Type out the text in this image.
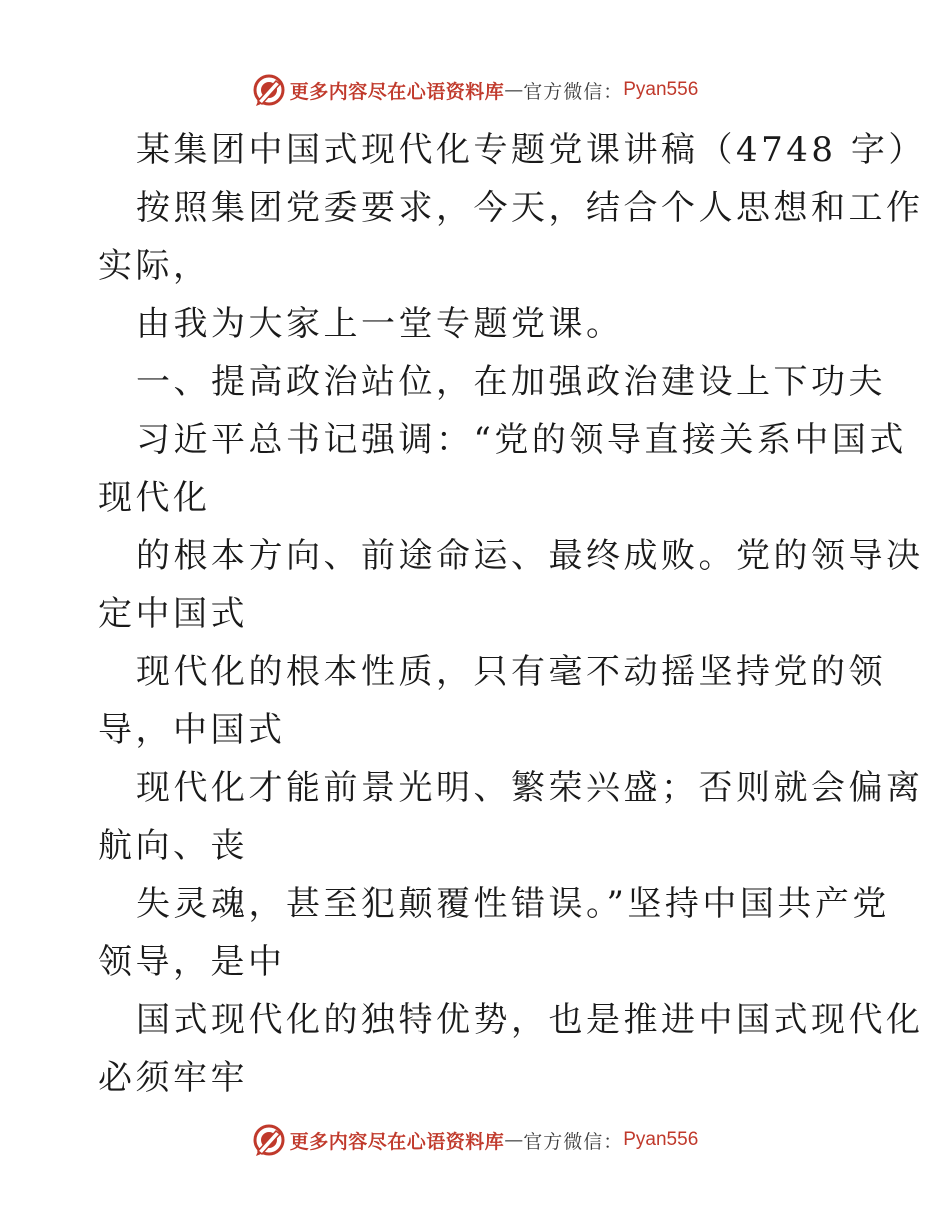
更多内容尽在心语资料库 — 官方微信： Pyan556
某集团中国式现代化专题党课讲稿（4748 字）
按照集团党委要求，今天，结合个人思想和工作
实际，
由我为大家上一堂专题党课。
一、提高政治站位，在加强政治建设上下功夫
习近平总书记强调：“党的领导直接关系中国式
现代化
的根本方向、前途命运、最终成败。党的领导决
定中国式
现代化的根本性质，只有毫不动摇坚持党的领
导，中国式
现代化才能前景光明、繁荣兴盛；否则就会偏离
航向、丧
失灵魂，甚至犯颠覆性错误。”坚持中国共产党
领导，是中
国式现代化的独特优势，也是推进中国式现代化
必须牢牢
更多内容尽在心语资料库 — 官方微信： Pyan556
